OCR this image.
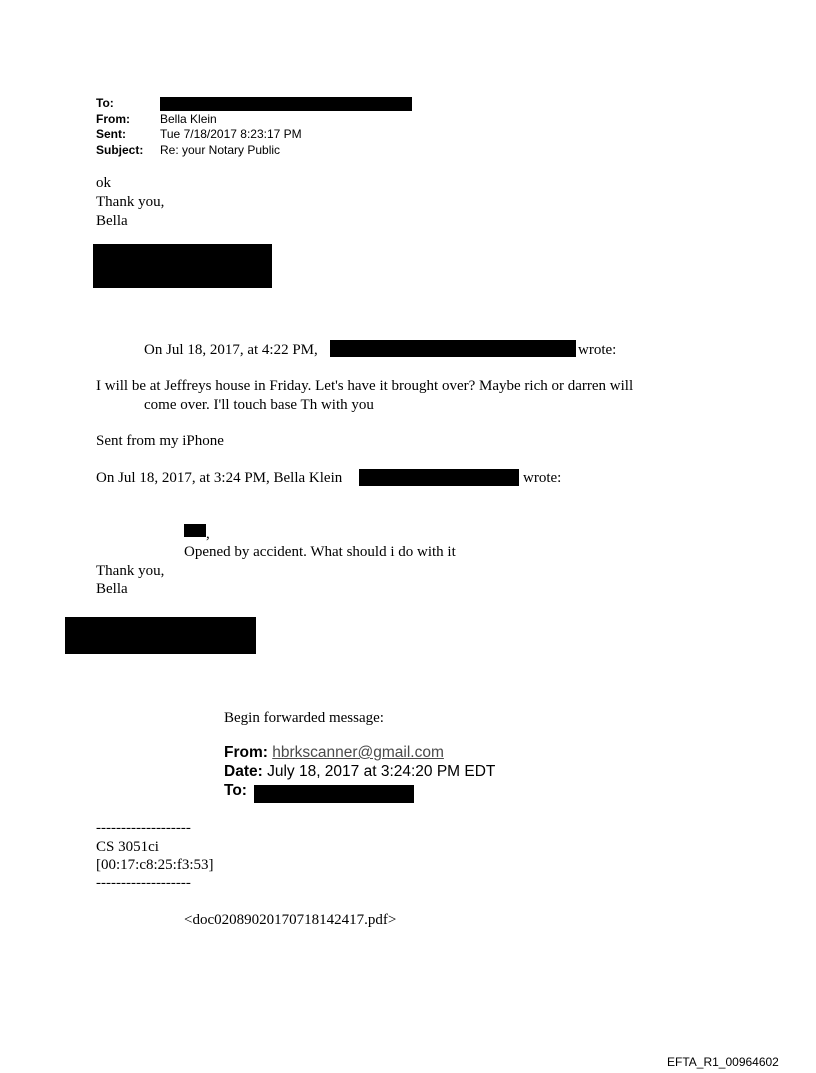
To:
From:	Bella Klein
Sent:	Tue 7/18/2017 8:23:17 PM
Subject:	Re: your Notary Public
ok
Thank you,
Bella
On Jul 18, 2017, at 4:22 PM,	wrote:
I will be at Jeffreys house in Friday. Let's have it brought over? Maybe rich or darren will
come over. I'll touch base Th with you
Sent from my iPhone
On Jul 18, 2017, at 3:24 PM, Bella Klein	wrote:
,
Opened by accident. What should i do with it
Thank you,
Bella
Begin forwarded message:
From: hbrkscanner@gmail.com
Date: July 18, 2017 at 3:24:20 PM EDT
To:
-------------------
CS 3051ci
[00:17:c8:25:f3:53]
-------------------
<doc02089020170718142417.pdf>
EFTA_R1_00964602
